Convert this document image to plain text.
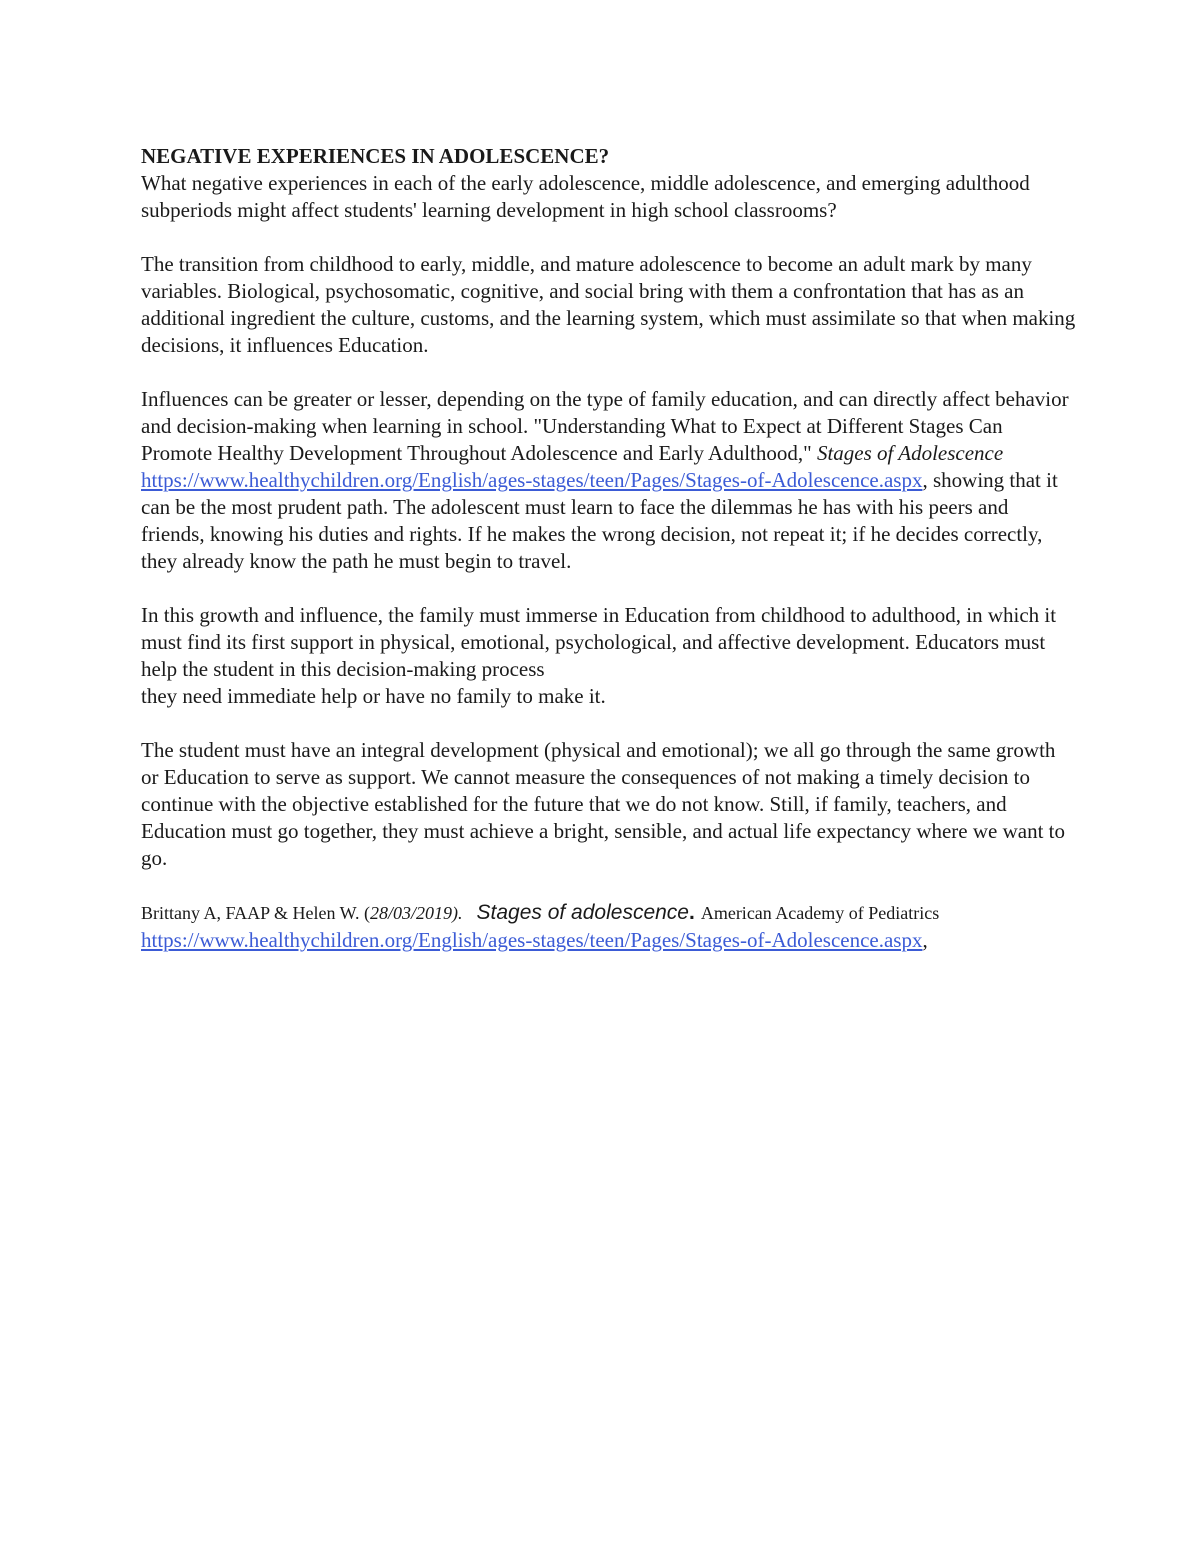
NEGATIVE EXPERIENCES IN ADOLESCENCE?

What negative experiences in each of the early adolescence, middle adolescence, and emerging adulthood subperiods might affect students' learning development in high school classrooms?

The transition from childhood to early, middle, and mature adolescence to become an adult mark by many variables. Biological, psychosomatic, cognitive, and social bring with them a confrontation that has as an additional ingredient the culture, customs, and the learning system, which must assimilate so that when making decisions, it influences Education.

Influences can be greater or lesser, depending on the type of family education, and can directly affect behavior and decision-making when learning in school. "Understanding What to Expect at Different Stages Can Promote Healthy Development Throughout Adolescence and Early Adulthood," Stages of Adolescence
https://www.healthychildren.org/English/ages-stages/teen/Pages/Stages-of-Adolescence.aspx, showing that it can be the most prudent path. The adolescent must learn to face the dilemmas he has with his peers and friends, knowing his duties and rights. If he makes the wrong decision, not repeat it; if he decides correctly, they already know the path he must begin to travel.

In this growth and influence, the family must immerse in Education from childhood to adulthood, in which it must find its first support in physical, emotional, psychological, and affective development. Educators must help the student in this decision-making process
they need immediate help or have no family to make it.

The student must have an integral development (physical and emotional); we all go through the same growth or Education to serve as support. We cannot measure the consequences of not making a timely decision to continue with the objective established for the future that we do not know. Still, if family, teachers, and Education must go together, they must achieve a bright, sensible, and actual life expectancy where we want to go.

Brittany A, FAAP & Helen W. (28/03/2019). Stages of adolescence. American Academy of Pediatrics
https://www.healthychildren.org/English/ages-stages/teen/Pages/Stages-of-Adolescence.aspx,
